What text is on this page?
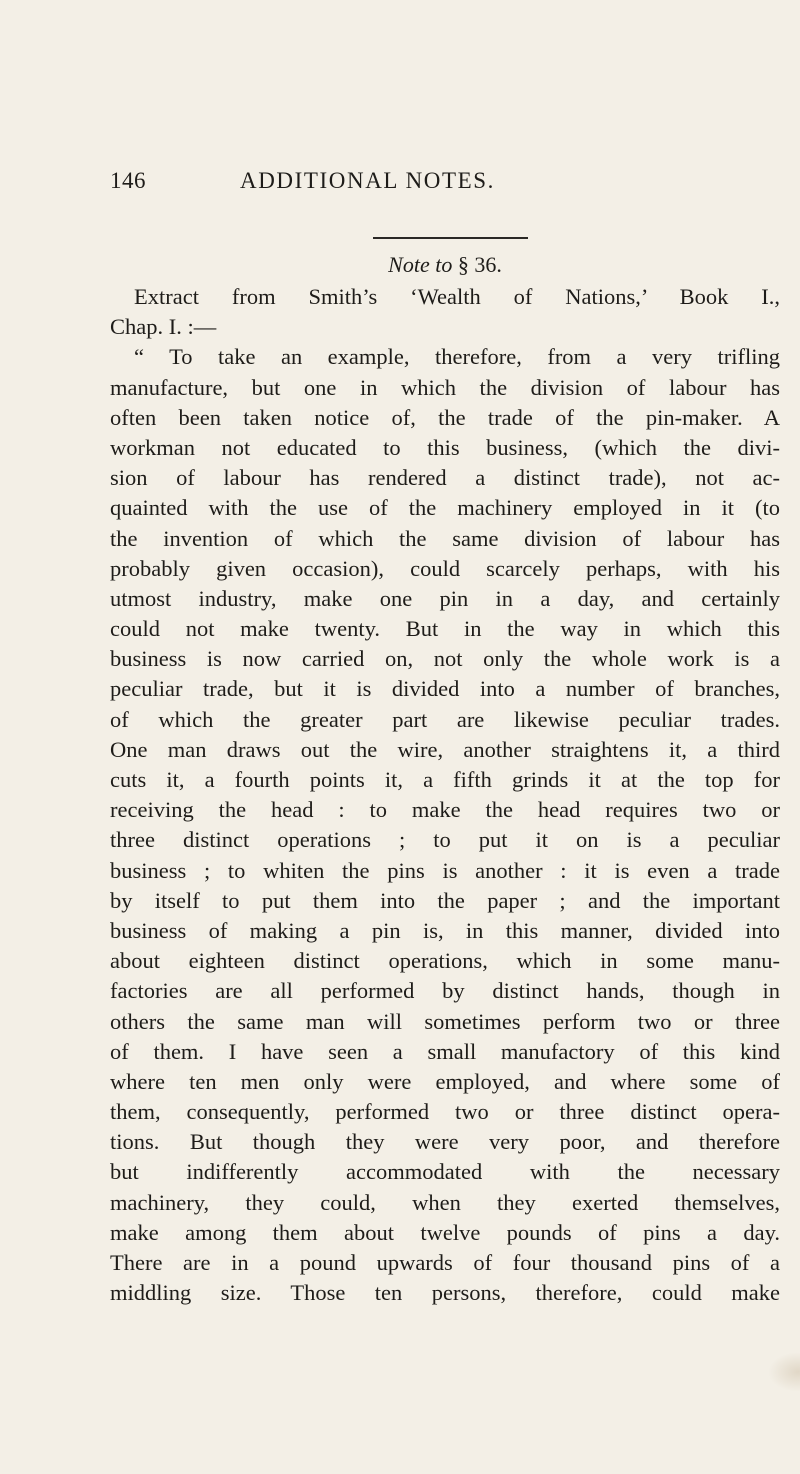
146	ADDITIONAL NOTES.
Note to § 36.
Extract from Smith’s ‘Wealth of Nations,’ Book I.,
Chap. I. :—
“ To take an example, therefore, from a very trifling
manufacture, but one in which the division of labour has
often been taken notice of, the trade of the pin-maker. A
workman not educated to this business, (which the divi-
sion of labour has rendered a distinct trade), not ac-
quainted with the use of the machinery employed in it (to
the invention of which the same division of labour has
probably given occasion), could scarcely perhaps, with his
utmost industry, make one pin in a day, and certainly
could not make twenty. But in the way in which this
business is now carried on, not only the whole work is a
peculiar trade, but it is divided into a number of branches,
of which the greater part are likewise peculiar trades.
One man draws out the wire, another straightens it, a third
cuts it, a fourth points it, a fifth grinds it at the top for
receiving the head : to make the head requires two or
three distinct operations ; to put it on is a peculiar
business ; to whiten the pins is another : it is even a trade
by itself to put them into the paper ; and the important
business of making a pin is, in this manner, divided into
about eighteen distinct operations, which in some manu-
factories are all performed by distinct hands, though in
others the same man will sometimes perform two or three
of them. I have seen a small manufactory of this kind
where ten men only were employed, and where some of
them, consequently, performed two or three distinct opera-
tions. But though they were very poor, and therefore
but indifferently accommodated with the necessary
machinery, they could, when they exerted themselves,
make among them about twelve pounds of pins a day.
There are in a pound upwards of four thousand pins of a
middling size. Those ten persons, therefore, could make
